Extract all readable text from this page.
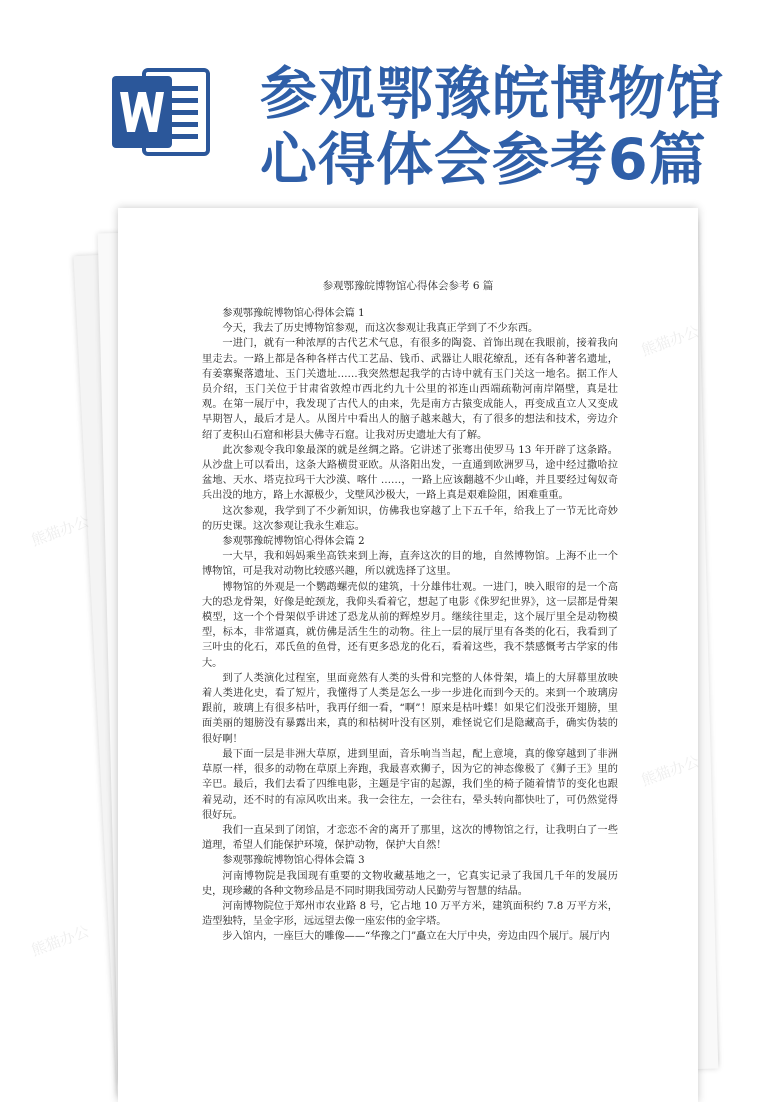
参观鄂豫皖博物馆
心得体会参考6篇
参观鄂豫皖博物馆心得体会参考 6 篇

参观鄂豫皖博物馆心得体会篇 1

今天，我去了历史博物馆参观，而这次参观让我真正学到了不少东西。

一进门，就有一种浓厚的古代艺术气息，有很多的陶瓷、首饰出现在我眼前，接着我向里走去。一路上都是各种各样古代工艺品、钱币、武器让人眼花缭乱，还有各种著名遗址，有姜寨聚落遗址、玉门关遗址……我突然想起我学的古诗中就有玉门关这一地名。据工作人员介绍，玉门关位于甘肃省敦煌市西北约九十公里的祁连山西端疏勒河南岸隔壁，真是壮观。在第一展厅中，我发现了古代人的由来，先是南方古猿变成能人，再变成直立人又变成早期智人，最后才是人。从图片中看出人的脑子越来越大，有了很多的想法和技术，旁边介绍了麦积山石窟和彬县大佛寺石窟。让我对历史遗址大有了解。

此次参观令我印象最深的就是丝绸之路。它讲述了张骞出使罗马 13 年开辟了这条路。从沙盘上可以看出，这条大路横贯亚欧。从洛阳出发，一直通到欧洲罗马，途中经过撒哈拉盆地、天水、塔克拉玛干大沙漠、喀什 ……，一路上应该翻越不少山峰，并且要经过匈奴奇兵出没的地方，路上水源极少，戈壁风沙极大，一路上真是艰难险阻，困难重重。

这次参观，我学到了不少新知识，仿佛我也穿越了上下五千年，给我上了一节无比奇妙的历史课。这次参观让我永生难忘。

参观鄂豫皖博物馆心得体会篇 2

一大早，我和妈妈乘坐高铁来到上海，直奔这次的目的地，自然博物馆。上海不止一个博物馆，可是我对动物比较感兴趣，所以就选择了这里。

博物馆的外观是一个鹦鹉螺壳似的建筑，十分雄伟壮观。一进门，映入眼帘的是一个高大的恐龙骨架，好像是蛇颈龙，我仰头看着它，想起了电影《侏罗纪世界》，这一层都是骨架模型，这一个个骨架似乎讲述了恐龙从前的辉煌岁月。继续往里走，这个展厅里全是动物模型，标本，非常逼真，就仿佛是活生生的动物。往上一层的展厅里有各类的化石，我看到了三叶虫的化石，邓氏鱼的鱼骨，还有更多恐龙的化石，看着这些，我不禁感慨考古学家的伟大。

到了人类演化过程室，里面竟然有人类的头骨和完整的人体骨架，墙上的大屏幕里放映着人类进化史，看了短片，我懂得了人类是怎么一步一步进化而到今天的。来到一个玻璃房跟前，玻璃上有很多枯叶，我再仔细一看，“啊”！原来是枯叶蝶！如果它们没张开翅膀，里面美丽的翅膀没有暴露出来，真的和枯树叶没有区别，难怪说它们是隐藏高手，确实伪装的很好啊！

最下面一层是非洲大草原，进到里面，音乐响当当起，配上意境，真的像穿越到了非洲草原一样，很多的动物在草原上奔跑，我最喜欢狮子，因为它的神态像极了《狮子王》里的辛巴。最后，我们去看了四维电影，主题是宇宙的起源，我们坐的椅子随着情节的变化也跟着晃动，还不时的有凉风吹出来。我一会往左，一会往右，晕头转向都快吐了，可仍然觉得很好玩。

我们一直呆到了闭馆，才恋恋不舍的离开了那里，这次的博物馆之行，让我明白了一些道理，希望人们能保护环境，保护动物，保护大自然！

参观鄂豫皖博物馆心得体会篇 3

河南博物院是我国现有重要的文物收藏基地之一，它真实记录了我国几千年的发展历史，现珍藏的各种文物珍品是不同时期我国劳动人民勤劳与智慧的结晶。

河南博物院位于郑州市农业路 8 号，它占地 10 万平方米，建筑面积约 7.8 万平方米，造型独特，呈金字形，远远望去像一座宏伟的金字塔。

步入馆内，一座巨大的雕像——“华豫之门”矗立在大厅中央，旁边由四个展厅。展厅内

熊猫办公
熊猫办公
